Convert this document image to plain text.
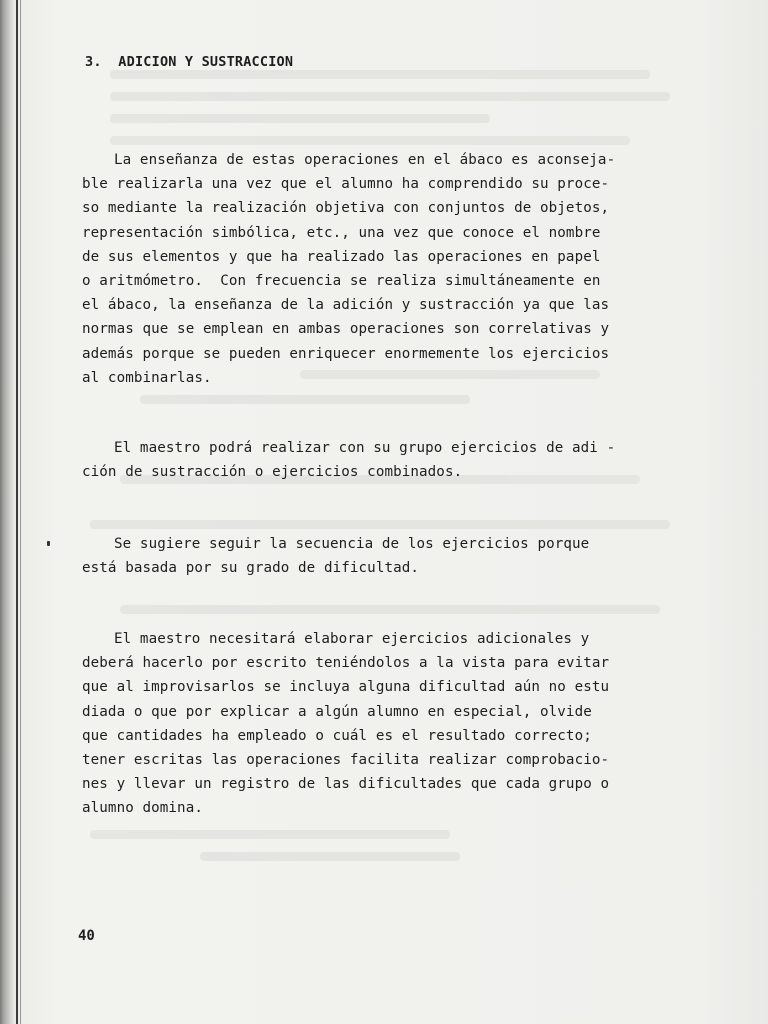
3.  ADICION Y SUSTRACCION
La enseñanza de estas operaciones en el ábaco es aconseja-
ble realizarla una vez que el alumno ha comprendido su proce-
so mediante la realización objetiva con conjuntos de objetos,
representación simbólica, etc., una vez que conoce el nombre
de sus elementos y que ha realizado las operaciones en papel
o aritmómetro.  Con frecuencia se realiza simultáneamente en
el ábaco, la enseñanza de la adición y sustracción ya que las
normas que se emplean en ambas operaciones son correlativas y
además porque se pueden enriquecer enormemente los ejercicios
al combinarlas.
El maestro podrá realizar con su grupo ejercicios de adi -
ción de sustracción o ejercicios combinados.
Se sugiere seguir la secuencia de los ejercicios porque
está basada por su grado de dificultad.
El maestro necesitará elaborar ejercicios adicionales y
deberá hacerlo por escrito teniéndolos a la vista para evitar
que al improvisarlos se incluya alguna dificultad aún no estu
diada o que por explicar a algún alumno en especial, olvide
que cantidades ha empleado o cuál es el resultado correcto;
tener escritas las operaciones facilita realizar comprobacio-
nes y llevar un registro de las dificultades que cada grupo o
alumno domina.
40
